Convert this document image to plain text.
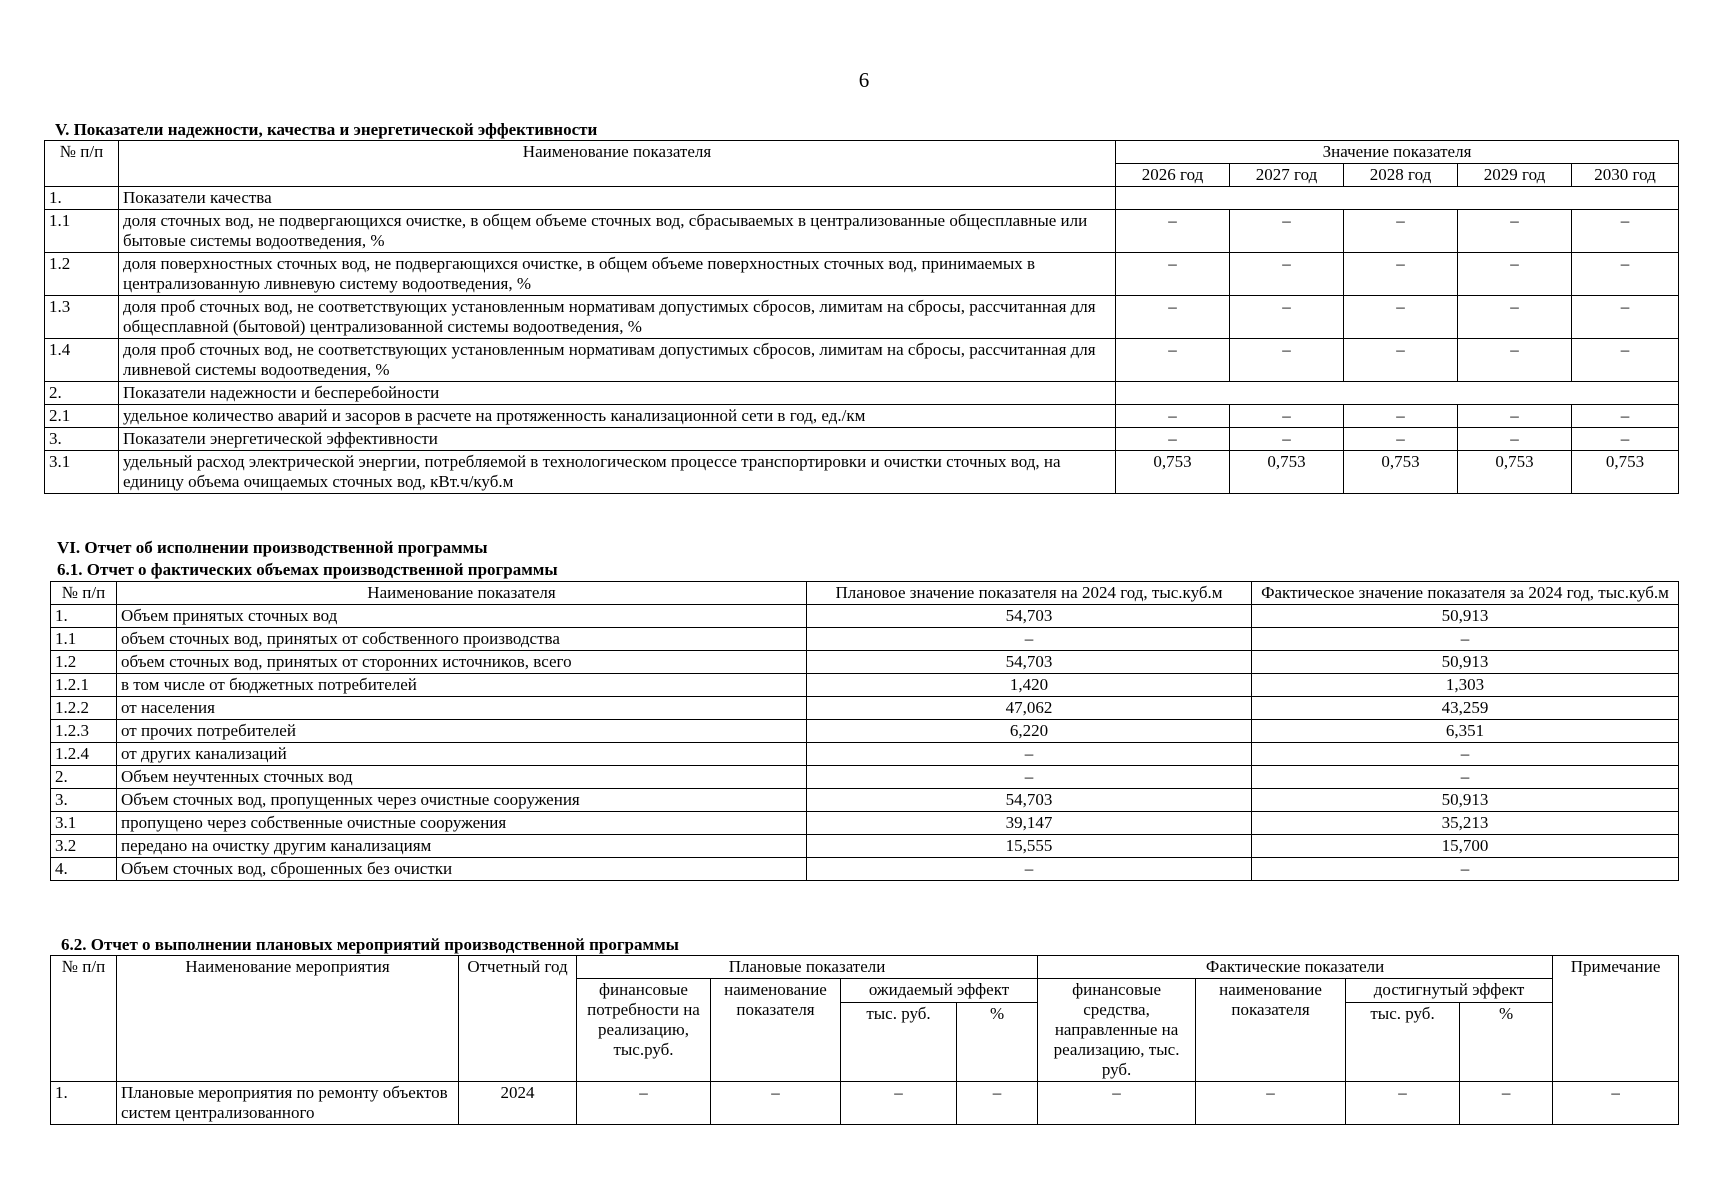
6
V. Показатели надежности, качества и энергетической эффективности
№ п/п	Наименование показателя	Значение показателя				
		2026 год	2027 год	2028 год	2029 год	2030 год
1.	Показатели качества					
1.1	доля сточных вод, не подвергающихся очистке, в общем объеме сточных вод, сбрасываемых в централизованные общесплавные или бытовые системы водоотведения, %	–	–	–	–	–
1.2	доля поверхностных сточных вод, не подвергающихся очистке, в общем объеме поверхностных сточных вод, принимаемых в централизованную ливневую систему водоотведения, %	–	–	–	–	–
1.3	доля проб сточных вод, не соответствующих установленным нормативам допустимых сбросов, лимитам на сбросы, рассчитанная для общесплавной (бытовой) централизованной системы водоотведения, %	–	–	–	–	–
1.4	доля проб сточных вод, не соответствующих установленным нормативам допустимых сбросов, лимитам на сбросы, рассчитанная для ливневой системы водоотведения, %	–	–	–	–	–
2.	Показатели надежности и бесперебойности					
2.1	удельное количество аварий и засоров в расчете на протяженность канализационной сети в год, ед./км	–	–	–	–	–
3.	Показатели энергетической эффективности	–	–	–	–	–
3.1	удельный расход электрической энергии, потребляемой в технологическом процессе транспортировки и очистки сточных вод, на единицу объема очищаемых сточных вод, кВт.ч/куб.м	0,753	0,753	0,753	0,753	0,753
VI. Отчет об исполнении производственной программы
6.1. Отчет о фактических объемах производственной программы
№ п/п	Наименование показателя	Плановое значение показателя на 2024 год, тыс.куб.м	Фактическое значение показателя за 2024 год, тыс.куб.м
1.	Объем принятых сточных вод	54,703	50,913
1.1	объем сточных вод, принятых от собственного производства	–	–
1.2	объем сточных вод, принятых от сторонних источников, всего	54,703	50,913
1.2.1	в том числе от бюджетных потребителей	1,420	1,303
1.2.2	от населения	47,062	43,259
1.2.3	от прочих потребителей	6,220	6,351
1.2.4	от других канализаций	–	–
2.	Объем неучтенных сточных вод	–	–
3.	Объем сточных вод, пропущенных через очистные сооружения	54,703	50,913
3.1	пропущено через собственные очистные сооружения	39,147	35,213
3.2	передано на очистку другим канализациям	15,555	15,700
4.	Объем сточных вод, сброшенных без очистки	–	–
6.2. Отчет о выполнении плановых мероприятий производственной программы
№ п/п	Наименование мероприятия	Отчетный год	Плановые показатели				Фактические показатели				Примечание
			финансовые потребности на реализацию, тыс.руб.	наименование показателя	ожидаемый эффект		финансовые средства, направленные на реализацию, тыс. руб.	наименование показателя	достигнутый эффект		
					тыс. руб.	%			тыс. руб.	%	
1.	Плановые мероприятия по ремонту объектов систем централизованного	2024	–	–	–	–	–	–	–	–	–
